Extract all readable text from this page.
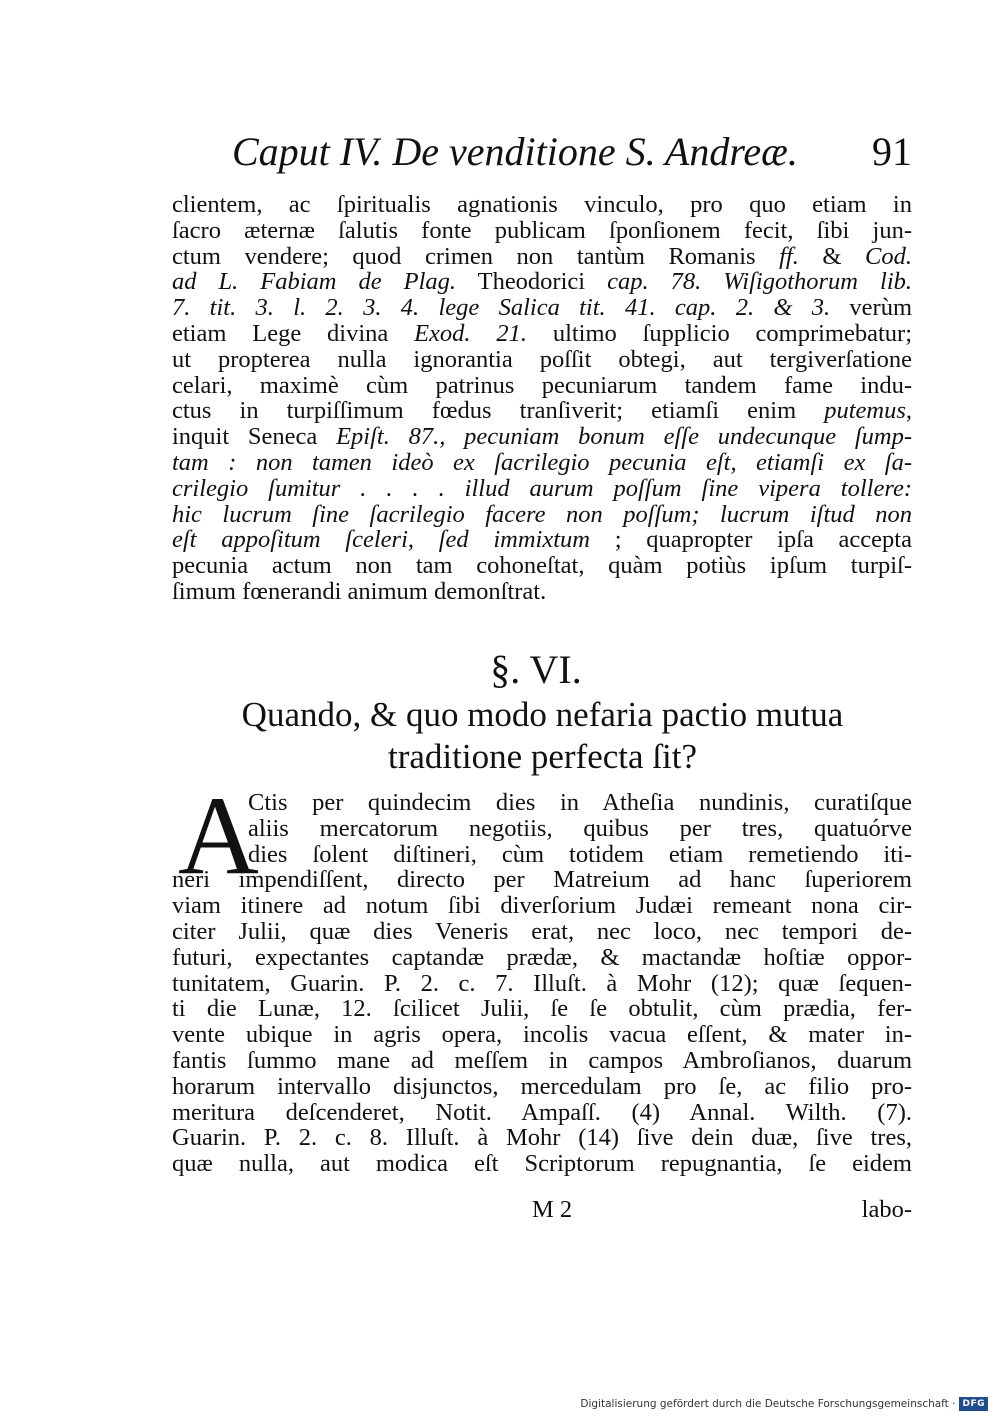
Caput IV. De venditione S. Andreæ. 91
clientem, ac ſpiritualis agnationis vinculo, pro quo etiam in
ſacro æternæ ſalutis fonte publicam ſponſionem fecit, ſibi jun-
ctum vendere; quod crimen non tantùm Romanis ff. & Cod.
ad L. Fabiam de Plag. Theodorici cap. 78. Wiſigothorum lib.
7. tit. 3. l. 2. 3. 4. lege Salica tit. 41. cap. 2. & 3. verùm
etiam Lege divina Exod. 21. ultimo ſupplicio comprimebatur;
ut propterea nulla ignorantia poſſit obtegi, aut tergiverſatione
celari, maximè cùm patrinus pecuniarum tandem fame indu-
ctus in turpiſſimum fœdus tranſiverit; etiamſi enim putemus,
inquit Seneca Epiſt. 87., pecuniam bonum eſſe undecunque ſump-
tam : non tamen ideò ex ſacrilegio pecunia eſt, etiamſi ex ſa-
crilegio ſumitur . . . . illud aurum poſſum ſine vipera tollere:
hic lucrum ſine ſacrilegio facere non poſſum; lucrum iſtud non
eſt appoſitum ſceleri, ſed immixtum ; quapropter ipſa accepta
pecunia actum non tam cohoneſtat, quàm potiùs ipſum turpiſ-
ſimum fœnerandi animum demonſtrat.
§. VI.
Quando, & quo modo nefaria pactio mutua
traditione perfecta ſit?
A
Ctis per quindecim dies in Atheſia nundinis, curatiſque
aliis mercatorum negotiis, quibus per tres, quatuórve
dies ſolent diſtineri, cùm totidem etiam remetiendo iti-
neri impendiſſent, directo per Matreium ad hanc ſuperiorem
viam itinere ad notum ſibi diverſorium Judæi remeant nona cir-
citer Julii, quæ dies Veneris erat, nec loco, nec tempori de-
futuri, expectantes captandæ prædæ, & mactandæ hoſtiæ oppor-
tunitatem, Guarin. P. 2. c. 7. Illuſt. à Mohr (12); quæ ſequen-
ti die Lunæ, 12. ſcilicet Julii, ſe ſe obtulit, cùm prædia, fer-
vente ubique in agris opera, incolis vacua eſſent, & mater in-
fantis ſummo mane ad meſſem in campos Ambroſianos, duarum
horarum intervallo disjunctos, mercedulam pro ſe, ac filio pro-
meritura deſcenderet, Notit. Ampaſſ. (4) Annal. Wilth. (7).
Guarin. P. 2. c. 8. Illuſt. à Mohr (14) ſive dein duæ, ſive tres,
quæ nulla, aut modica eſt Scriptorum repugnantia, ſe eidem
M 2	labo-
Digitalisierung gefördert durch die Deutsche Forschungsgemeinschaft · DFG
